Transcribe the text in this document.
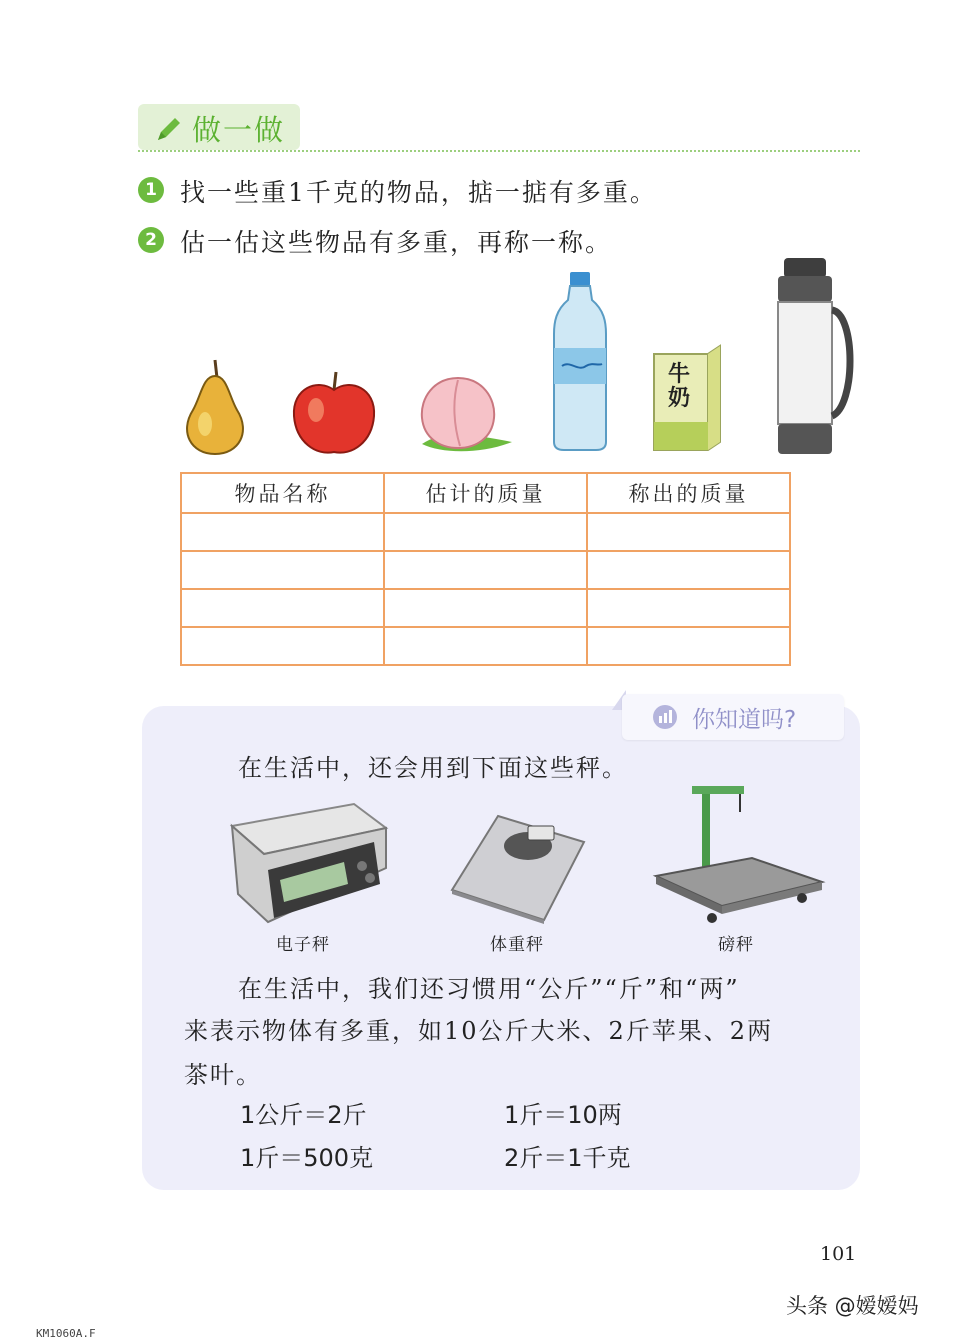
做一做
1 找一些重1千克的物品，掂一掂有多重。
2 估一估这些物品有多重，再称一称。
牛
奶
物品名称	估计的质量	称出的质量

你知道吗?
在生活中，还会用到下面这些秤。
电子秤	体重秤	磅秤
在生活中，我们还习惯用“公斤”“斤”和“两”
来表示物体有多重，如10公斤大米、2斤苹果、2两
茶叶。
1公斤＝2斤	1斤＝10两
1斤＝500克	2斤＝1千克
101
头条 @嫒嫒妈
KM1060A.F
